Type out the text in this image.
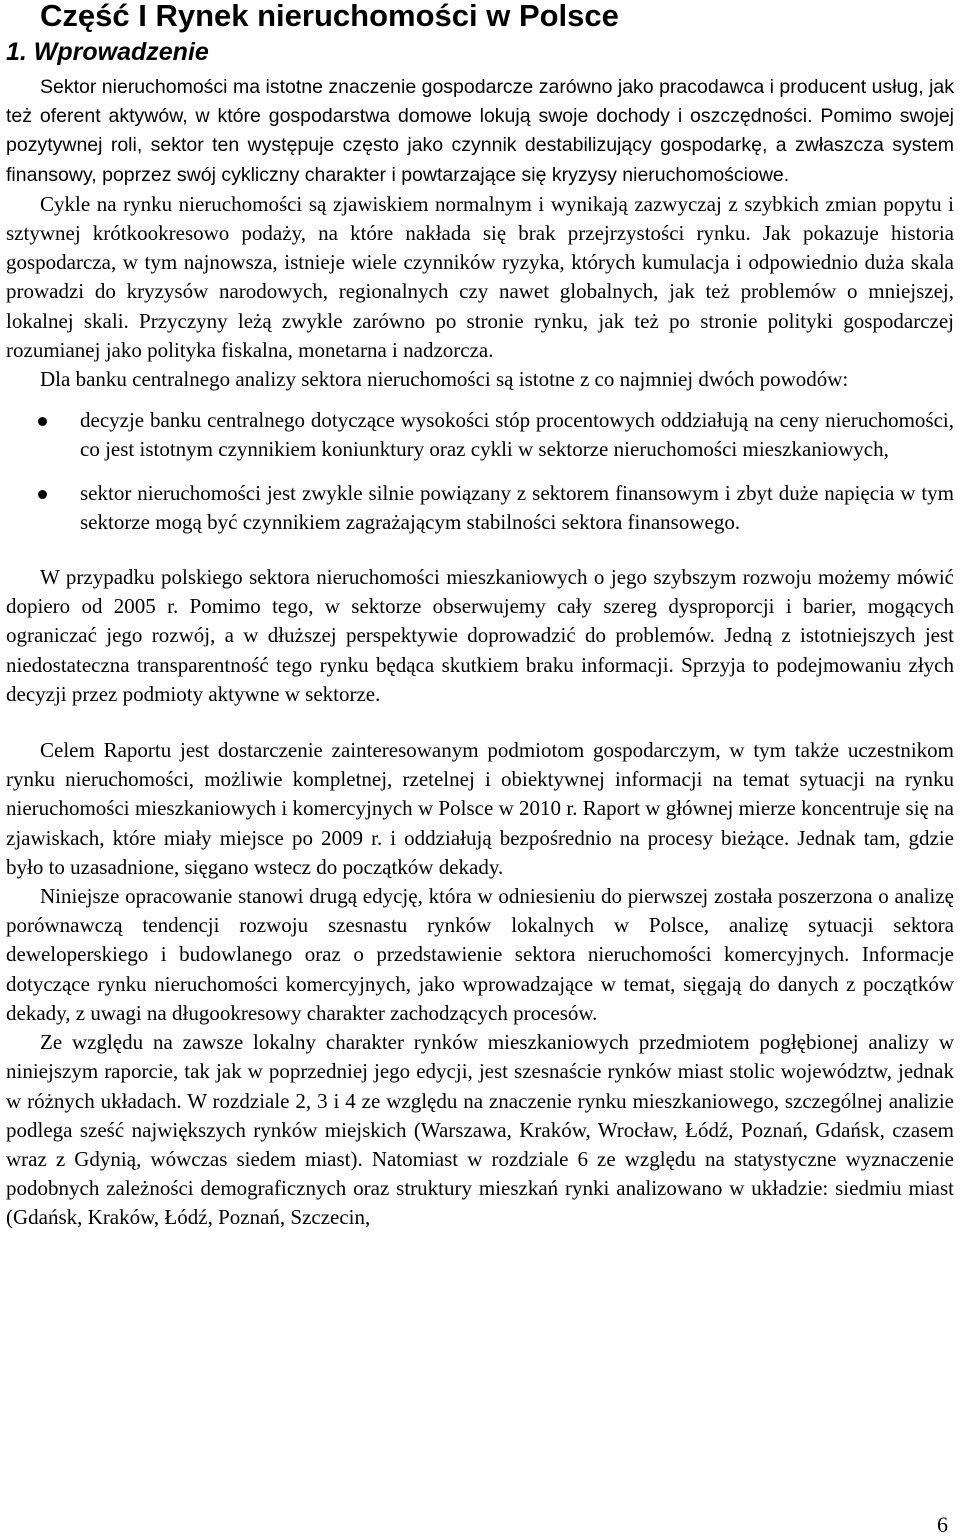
Część I Rynek nieruchomości w Polsce
1. Wprowadzenie

Sektor nieruchomości ma istotne znaczenie gospodarcze zarówno jako pracodawca i producent usług, jak też oferent aktywów, w które gospodarstwa domowe lokują swoje dochody i oszczędności. Pomimo swojej pozytywnej roli, sektor ten występuje często jako czynnik destabilizujący gospodarkę, a zwłaszcza system finansowy, poprzez swój cykliczny charakter i powtarzające się kryzysy nieruchomościowe.

Cykle na rynku nieruchomości są zjawiskiem normalnym i wynikają zazwyczaj z szybkich zmian popytu i sztywnej krótkookresowo podaży, na które nakłada się brak przejrzystości rynku. Jak pokazuje historia gospodarcza, w tym najnowsza, istnieje wiele czynników ryzyka, których kumulacja i odpowiednio duża skala prowadzi do kryzysów narodowych, regionalnych czy nawet globalnych, jak też problemów o mniejszej, lokalnej skali. Przyczyny leżą zwykle zarówno po stronie rynku, jak też po stronie polityki gospodarczej rozumianej jako polityka fiskalna, monetarna i nadzorcza.

Dla banku centralnego analizy sektora nieruchomości są istotne z co najmniej dwóch powodów:

decyzje banku centralnego dotyczące wysokości stóp procentowych oddziałują na ceny nieruchomości, co jest istotnym czynnikiem koniunktury oraz cykli w sektorze nieruchomości mieszkaniowych,
sektor nieruchomości jest zwykle silnie powiązany z sektorem finansowym i zbyt duże napięcia w tym sektorze mogą być czynnikiem zagrażającym stabilności sektora finansowego.

W przypadku polskiego sektora nieruchomości mieszkaniowych o jego szybszym rozwoju możemy mówić dopiero od 2005 r. Pomimo tego, w sektorze obserwujemy cały szereg dysproporcji i barier, mogących ograniczać jego rozwój, a w dłuższej perspektywie doprowadzić do problemów. Jedną z istotniejszych jest niedostateczna transparentność tego rynku będąca skutkiem braku informacji. Sprzyja to podejmowaniu złych decyzji przez podmioty aktywne w sektorze.

Celem Raportu jest dostarczenie zainteresowanym podmiotom gospodarczym, w tym także uczestnikom rynku nieruchomości, możliwie kompletnej, rzetelnej i obiektywnej informacji na temat sytuacji na rynku nieruchomości mieszkaniowych i komercyjnych w Polsce w 2010 r. Raport w głównej mierze koncentruje się na zjawiskach, które miały miejsce po 2009 r. i oddziałują bezpośrednio na procesy bieżące. Jednak tam, gdzie było to uzasadnione, sięgano wstecz do początków dekady.

Niniejsze opracowanie stanowi drugą edycję, która w odniesieniu do pierwszej została poszerzona o analizę porównawczą tendencji rozwoju szesnastu rynków lokalnych w Polsce, analizę sytuacji sektora deweloperskiego i budowlanego oraz o przedstawienie sektora nieruchomości komercyjnych. Informacje dotyczące rynku nieruchomości komercyjnych, jako wprowadzające w temat, sięgają do danych z początków dekady, z uwagi na długookresowy charakter zachodzących procesów.

Ze względu na zawsze lokalny charakter rynków mieszkaniowych przedmiotem pogłębionej analizy w niniejszym raporcie, tak jak w poprzedniej jego edycji, jest szesnaście rynków miast stolic województw, jednak w różnych układach. W rozdziale 2, 3 i 4 ze względu na znaczenie rynku mieszkaniowego, szczególnej analizie podlega sześć największych rynków miejskich (Warszawa, Kraków, Wrocław, Łódź, Poznań, Gdańsk, czasem wraz z Gdynią, wówczas siedem miast). Natomiast w rozdziale 6 ze względu na statystyczne wyznaczenie podobnych zależności demograficznych oraz struktury mieszkań rynki analizowano w układzie: siedmiu miast (Gdańsk, Kraków, Łódź, Poznań, Szczecin,

6
